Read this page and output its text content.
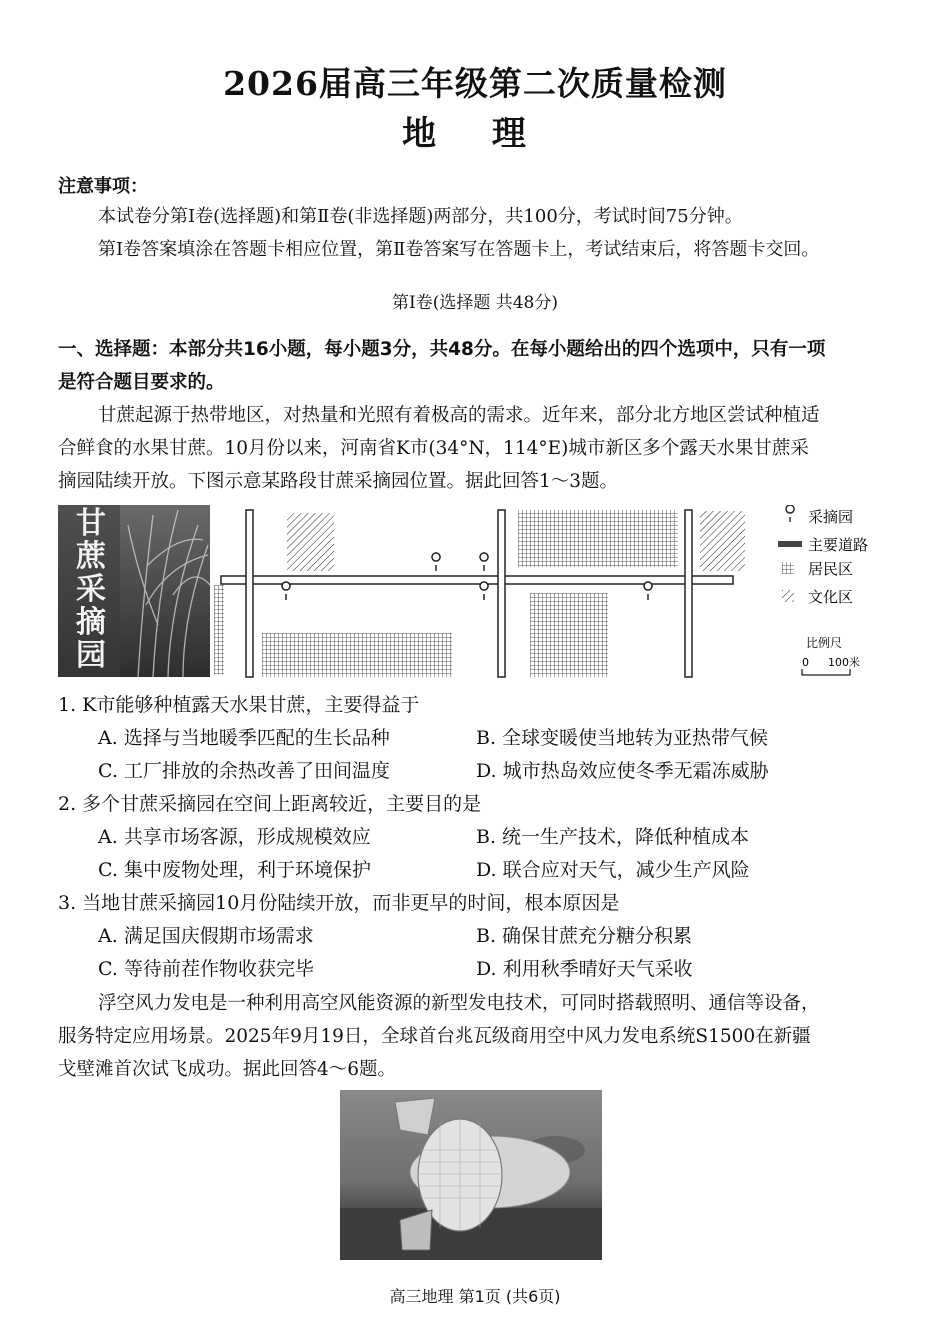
2026届高三年级第二次质量检测
地 理
注意事项：
本试卷分第Ⅰ卷(选择题)和第Ⅱ卷(非选择题)两部分，共100分，考试时间75分钟。
第Ⅰ卷答案填涂在答题卡相应位置，第Ⅱ卷答案写在答题卡上，考试结束后，将答题卡交回。
第Ⅰ卷(选择题 共48分)
一、选择题：本部分共16小题，每小题3分，共48分。在每小题给出的四个选项中，只有一项
是符合题目要求的。
甘蔗起源于热带地区，对热量和光照有着极高的需求。近年来，部分北方地区尝试种植适
合鲜食的水果甘蔗。10月份以来，河南省K市(34°N，114°E)城市新区多个露天水果甘蔗采
摘园陆续开放。下图示意某路段甘蔗采摘园位置。据此回答1～3题。
甘
蔗
采
摘
园
采摘园
主要道路
居民区
文化区
比例尺
0 100米
1. K市能够种植露天水果甘蔗，主要得益于
A. 选择与当地暖季匹配的生长品种	B. 全球变暖使当地转为亚热带气候
C. 工厂排放的余热改善了田间温度	D. 城市热岛效应使冬季无霜冻威胁
2. 多个甘蔗采摘园在空间上距离较近，主要目的是
A. 共享市场客源，形成规模效应	B. 统一生产技术，降低种植成本
C. 集中废物处理，利于环境保护	D. 联合应对天气，减少生产风险
3. 当地甘蔗采摘园10月份陆续开放，而非更早的时间，根本原因是
A. 满足国庆假期市场需求	B. 确保甘蔗充分糖分积累
C. 等待前茬作物收获完毕	D. 利用秋季晴好天气采收
浮空风力发电是一种利用高空风能资源的新型发电技术，可同时搭载照明、通信等设备，
服务特定应用场景。2025年9月19日，全球首台兆瓦级商用空中风力发电系统S1500在新疆
戈壁滩首次试飞成功。据此回答4～6题。
高三地理 第1页 (共6页)
